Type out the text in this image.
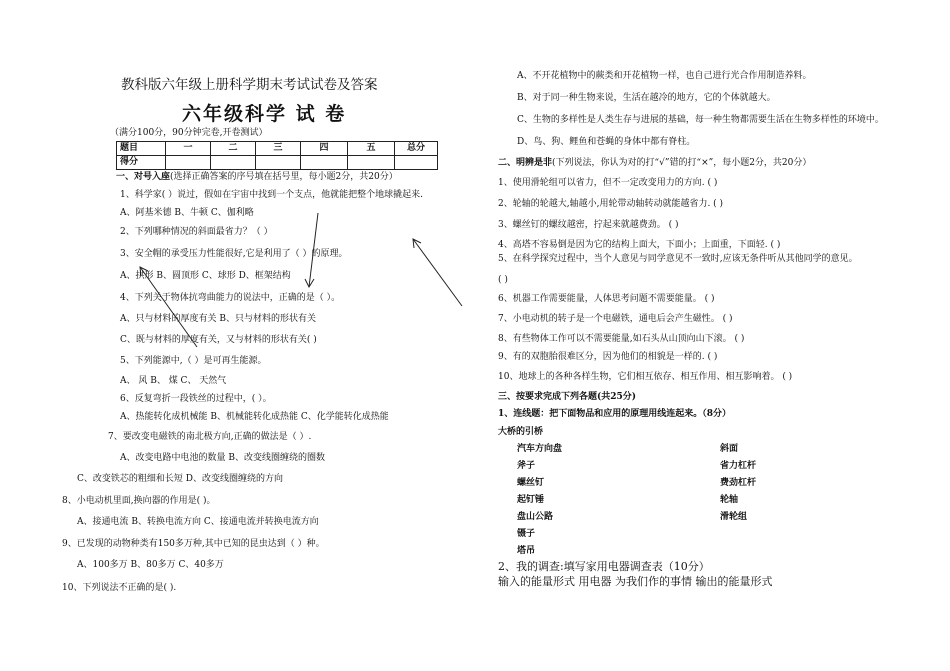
教科版六年级上册科学期末考试试卷及答案
六年级科学 试 卷
（满分100分，90分钟完卷,开卷测试）
题目	一	二	三	四	五	总分
得分						
一、对号入座(选择正确答案的序号填在括号里，每小题2分，共20分）
1、科学家( ）说过，假如在宇宙中找到一个支点，他就能把整个地球撬起来.
A、阿基米德 B、牛顿 C、伽利略
2、下列哪种情况的斜面最省力？（ ）
3、安全帽的承受压力性能很好,它是利用了（ ）的原理。
A、拱形 B、圆顶形 C、球形 D、框架结构
4、下列关于物体抗弯曲能力的说法中，正确的是（ ）。
A、只与材料的厚度有关 B、只与材料的形状有关
C、既与材料的厚度有关，又与材料的形状有关( )
5、下列能源中,（ ）是可再生能源。
A、 风 B、 煤 C、 天然气
6、反复弯折一段铁丝的过程中，( ）。
A、热能转化成机械能 B、机械能转化成热能 C、化学能转化成热能
7、要改变电磁铁的南北极方向,正确的做法是（ ）.
A、改变电路中电池的数量 B、改变线圈缠绕的圈数
C、改变铁芯的粗细和长短 D、改变线圈缠绕的方向
8、小电动机里面,换向器的作用是( )。
A、接通电流 B、转换电流方向 C、接通电流并转换电流方向
9、已发现的动物种类有150多万种,其中已知的昆虫达到（ ）种。
A、100多万 B、80多万 C、40多万
10、下列说法不正确的是( ).
A、不开花植物中的蕨类和开花植物一样，也自己进行光合作用制造养料。
B、对于同一种生物来说，生活在越冷的地方，它的个体就越大。
C、生物的多样性是人类生存与进展的基础，每一种生物都需要生活在生物多样性的环境中。
D、鸟、狗、鲤鱼和苍蝇的身体中都有脊柱。
二、明辨是非(下列说法，你认为对的打“√”错的打“×”，每小题2分，共20分）
1、使用滑轮组可以省力，但不一定改变用力的方向. ( )
2、轮轴的轮越大,轴越小,用轮带动轴转动就能越省力. ( )
3、螺丝钉的螺纹越密，拧起来就越费劲。 ( )
4、高塔不容易倒是因为它的结构上面大，下面小；上面重，下面轻. ( )
5、在科学探究过程中，当个人意见与同学意见不一致时,应该无条件听从其他同学的意见。
( )
6、机器工作需要能量，人体思考问题不需要能量。 ( )
7、小电动机的转子是一个电磁铁，通电后会产生磁性。 ( )
8、有些物体工作可以不需要能量,如石头从山顶向山下滚。 ( )
9、有的双胞胎很难区分，因为他们的相貌是一样的. ( )
10、地球上的各种各样生物，它们相互依存、相互作用、相互影响着。 ( )
三、按要求完成下列各题(共25分)
1、连线题：把下面物品和应用的原理用线连起来。（8分）
大桥的引桥
汽车方向盘
斧子
螺丝钉
起钉锤
盘山公路
镊子
塔吊
斜面
省力杠杆
费劲杠杆
轮轴
滑轮组
2、我的调查:填写家用电器调查表（10分）
输入的能量形式 用电器 为我们作的事情 输出的能量形式
